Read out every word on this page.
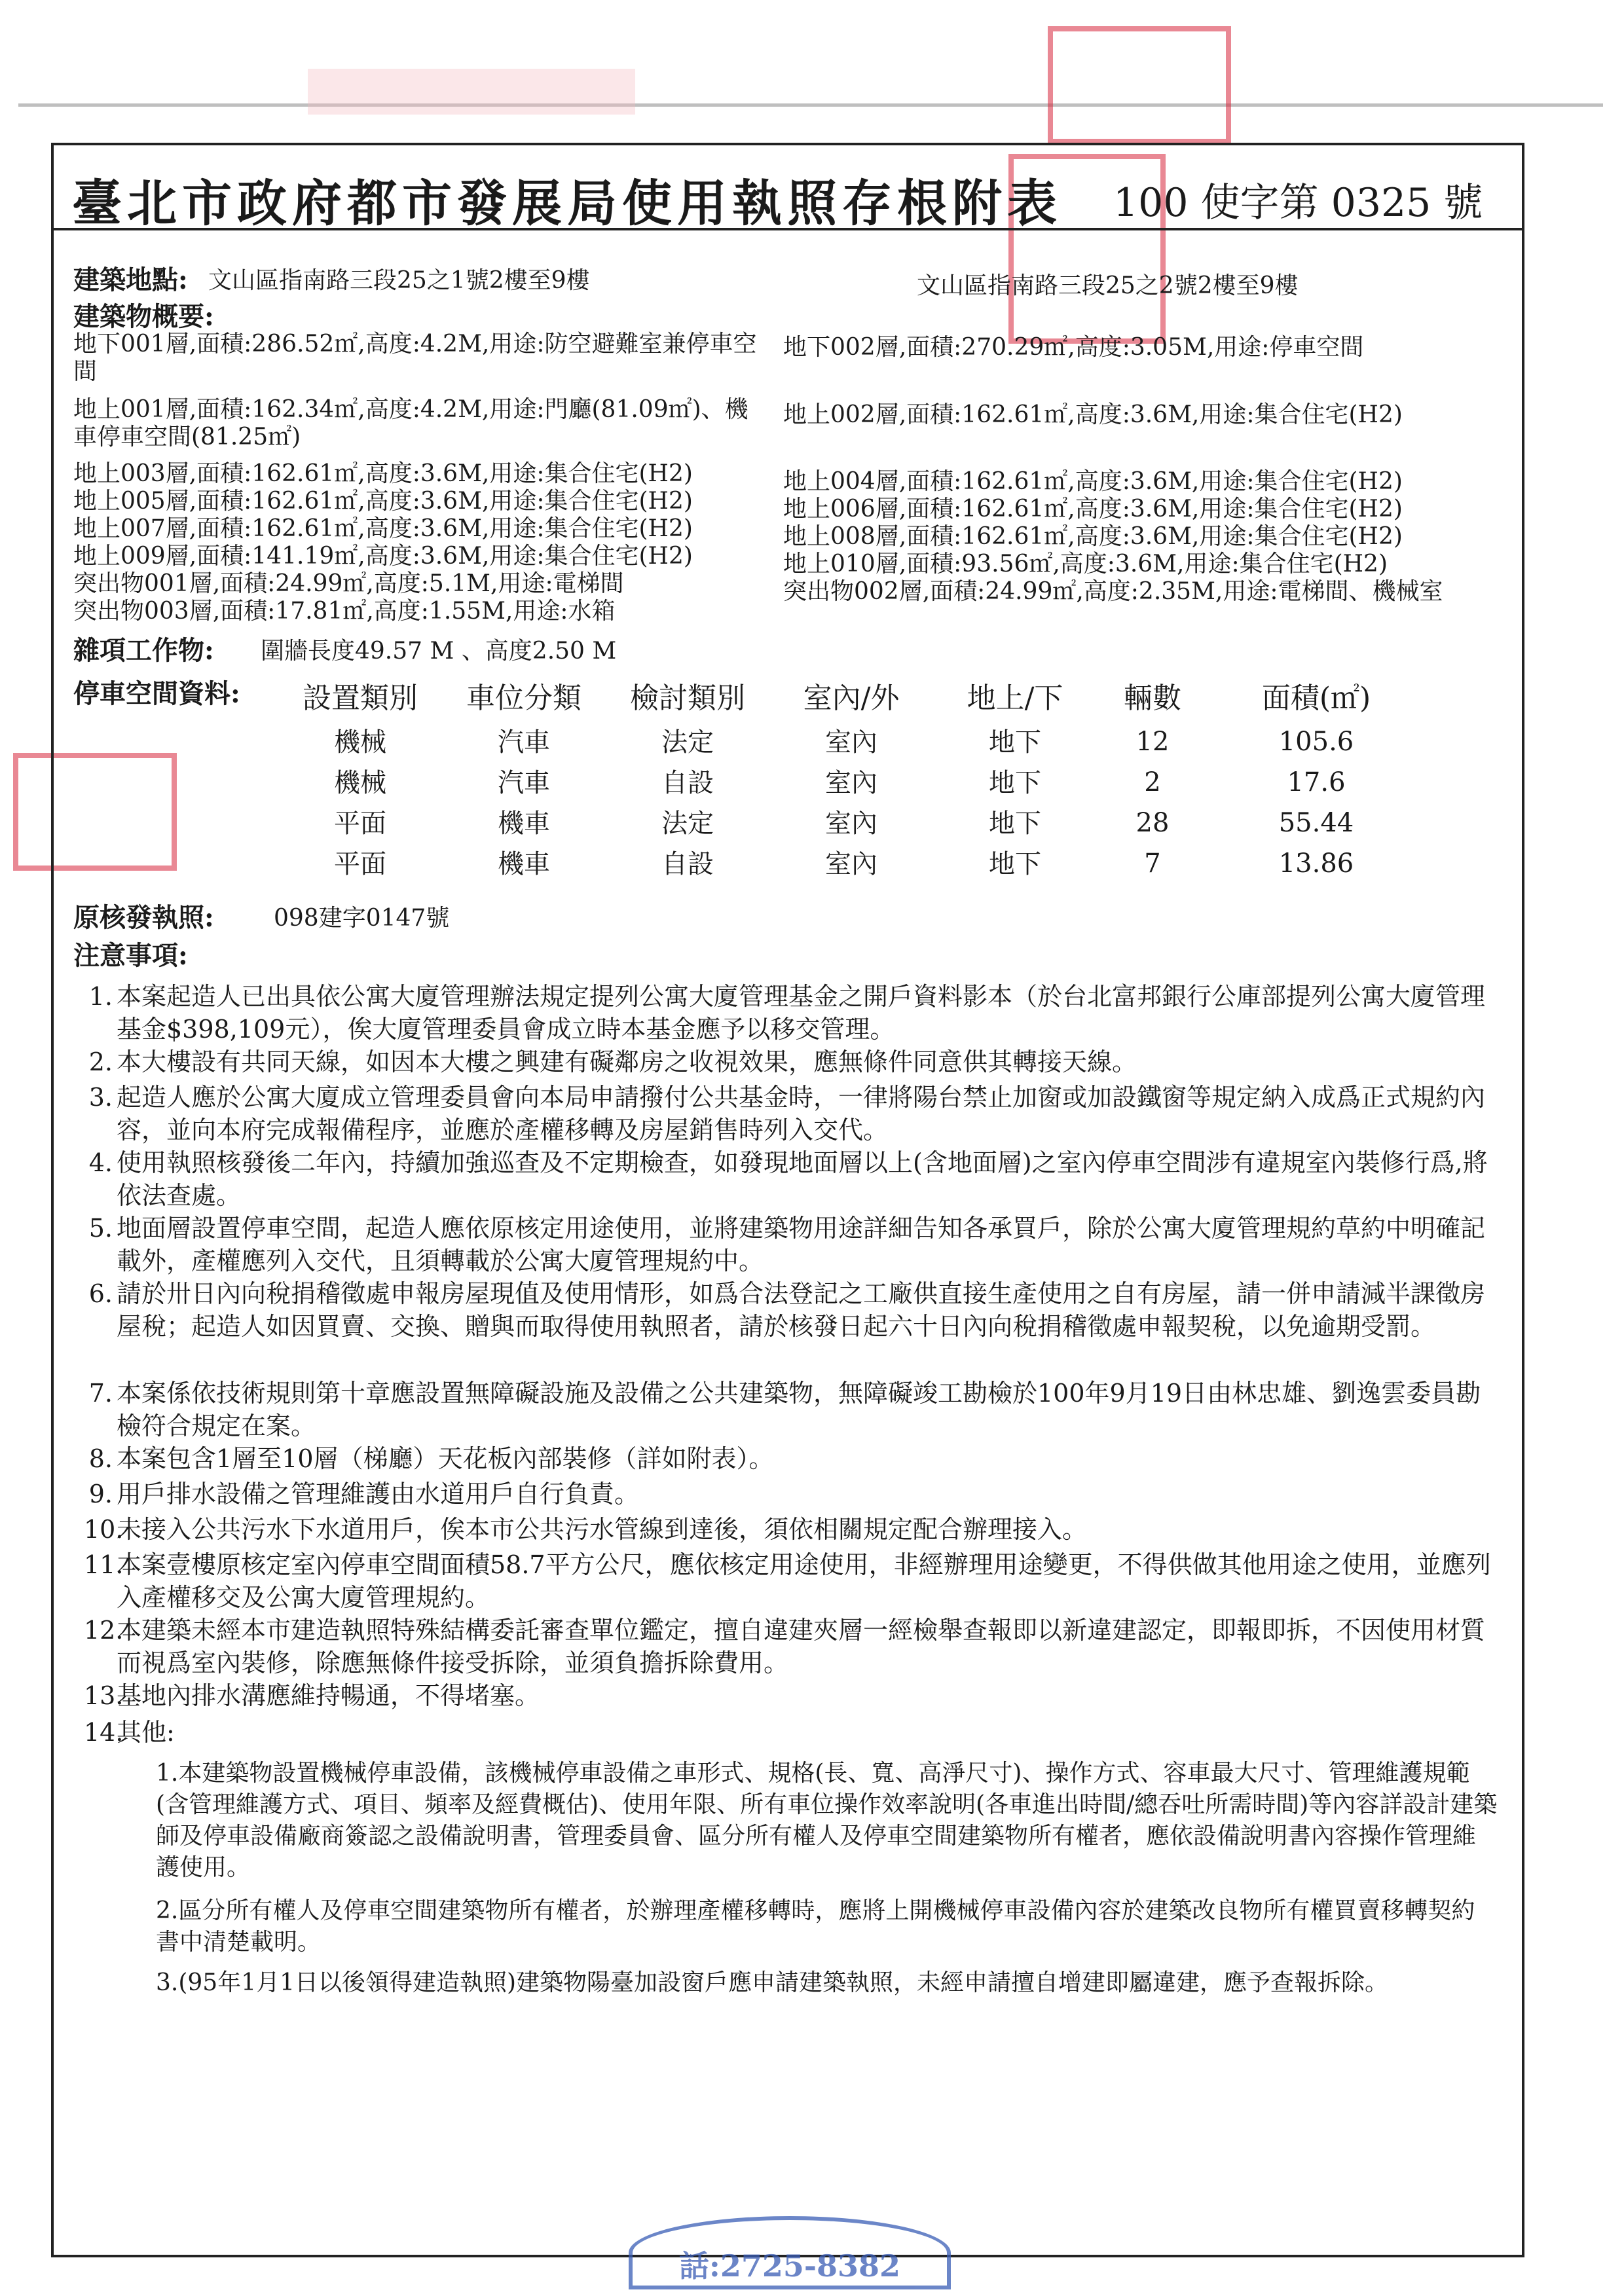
臺北市政府都市發展局使用執照存根附表 100 使字第 0325 號
建築地點: 文山區指南路三段25之1號2樓至9樓	文山區指南路三段25之2號2樓至9樓
建築物概要:
地下001層,面積:286.52㎡,高度:4.2M,用途:防空避難室兼停車空間
地上001層,面積:162.34㎡,高度:4.2M,用途:門廳(81.09㎡)、機車停車空間(81.25㎡)
地上003層,面積:162.61㎡,高度:3.6M,用途:集合住宅(H2)
地上005層,面積:162.61㎡,高度:3.6M,用途:集合住宅(H2)
地上007層,面積:162.61㎡,高度:3.6M,用途:集合住宅(H2)
地上009層,面積:141.19㎡,高度:3.6M,用途:集合住宅(H2)
突出物001層,面積:24.99㎡,高度:5.1M,用途:電梯間
突出物003層,面積:17.81㎡,高度:1.55M,用途:水箱
地下002層,面積:270.29㎡,高度:3.05M,用途:停車空間
地上002層,面積:162.61㎡,高度:3.6M,用途:集合住宅(H2)
地上004層,面積:162.61㎡,高度:3.6M,用途:集合住宅(H2)
地上006層,面積:162.61㎡,高度:3.6M,用途:集合住宅(H2)
地上008層,面積:162.61㎡,高度:3.6M,用途:集合住宅(H2)
地上010層,面積:93.56㎡,高度:3.6M,用途:集合住宅(H2)
突出物002層,面積:24.99㎡,高度:2.35M,用途:電梯間、機械室
雜項工作物: 圍牆長度49.57 M 、高度2.50 M
停車空間資料:	設置類別	車位分類	檢討類別	室內/外	地上/下	輛數	面積(㎡)
機械	汽車	法定	室內	地下	12	105.6
機械	汽車	自設	室內	地下	2	17.6
平面	機車	法定	室內	地下	28	55.44
平面	機車	自設	室內	地下	7	13.86
原核發執照:	098建字0147號
注意事項:
1. 本案起造人已出具依公寓大廈管理辦法規定提列公寓大廈管理基金之開戶資料影本（於台北富邦銀行公庫部提列公寓大廈管理基金$398,109元），俟大廈管理委員會成立時本基金應予以移交管理。
2. 本大樓設有共同天線，如因本大樓之興建有礙鄰房之收視效果，應無條件同意供其轉接天線。
3. 起造人應於公寓大廈成立管理委員會向本局申請撥付公共基金時，一律將陽台禁止加窗或加設鐵窗等規定納入成爲正式規約內容，並向本府完成報備程序，並應於產權移轉及房屋銷售時列入交代。
4. 使用執照核發後二年內，持續加強巡查及不定期檢查，如發現地面層以上(含地面層)之室內停車空間涉有違規室內裝修行爲,將依法查處。
5. 地面層設置停車空間，起造人應依原核定用途使用，並將建築物用途詳細告知各承買戶，除於公寓大廈管理規約草約中明確記載外，產權應列入交代，且須轉載於公寓大廈管理規約中。
6. 請於卅日內向稅捐稽徵處申報房屋現值及使用情形，如爲合法登記之工廠供直接生產使用之自有房屋，請一併申請減半課徵房屋稅；起造人如因買賣、交換、贈與而取得使用執照者，請於核發日起六十日內向稅捐稽徵處申報契稅，以免逾期受罰。
7. 本案係依技術規則第十章應設置無障礙設施及設備之公共建築物，無障礙竣工勘檢於100年9月19日由林忠雄、劉逸雲委員勘檢符合規定在案。
8. 本案包含1層至10層（梯廳）天花板內部裝修（詳如附表）。
9. 用戶排水設備之管理維護由水道用戶自行負責。
10.
未接入公共污水下水道用戶，俟本市公共污水管線到達後，須依相關規定配合辦理接入。
11.
本案壹樓原核定室內停車空間面積58.7平方公尺，應依核定用途使用，非經辦理用途變更，不得供做其他用途之使用，並應列入產權移交及公寓大廈管理規約。
12.
本建築未經本市建造執照特殊結構委託審查單位鑑定，擅自違建夾層一經檢舉查報即以新違建認定，即報即拆，不因使用材質而視爲室內裝修，除應無條件接受拆除，並須負擔拆除費用。
13.
基地內排水溝應維持暢通，不得堵塞。
14.
其他:
1.本建築物設置機械停車設備，該機械停車設備之車形式、規格(長、寬、高淨尺寸)、操作方式、容車最大尺寸、管理維護規範(含管理維護方式、項目、頻率及經費概估)、使用年限、所有車位操作效率說明(各車進出時間/總吞吐所需時間)等內容詳設計建築師及停車設備廠商簽認之設備說明書，管理委員會、區分所有權人及停車空間建築物所有權者，應依設備說明書內容操作管理維護使用。
2.區分所有權人及停車空間建築物所有權者，於辦理產權移轉時，應將上開機械停車設備內容於建築改良物所有權買賣移轉契約書中清楚載明。
3.(95年1月1日以後領得建造執照)建築物陽臺加設窗戶應申請建築執照，未經申請擅自增建即屬違建，應予查報拆除。
話:2725-8382
